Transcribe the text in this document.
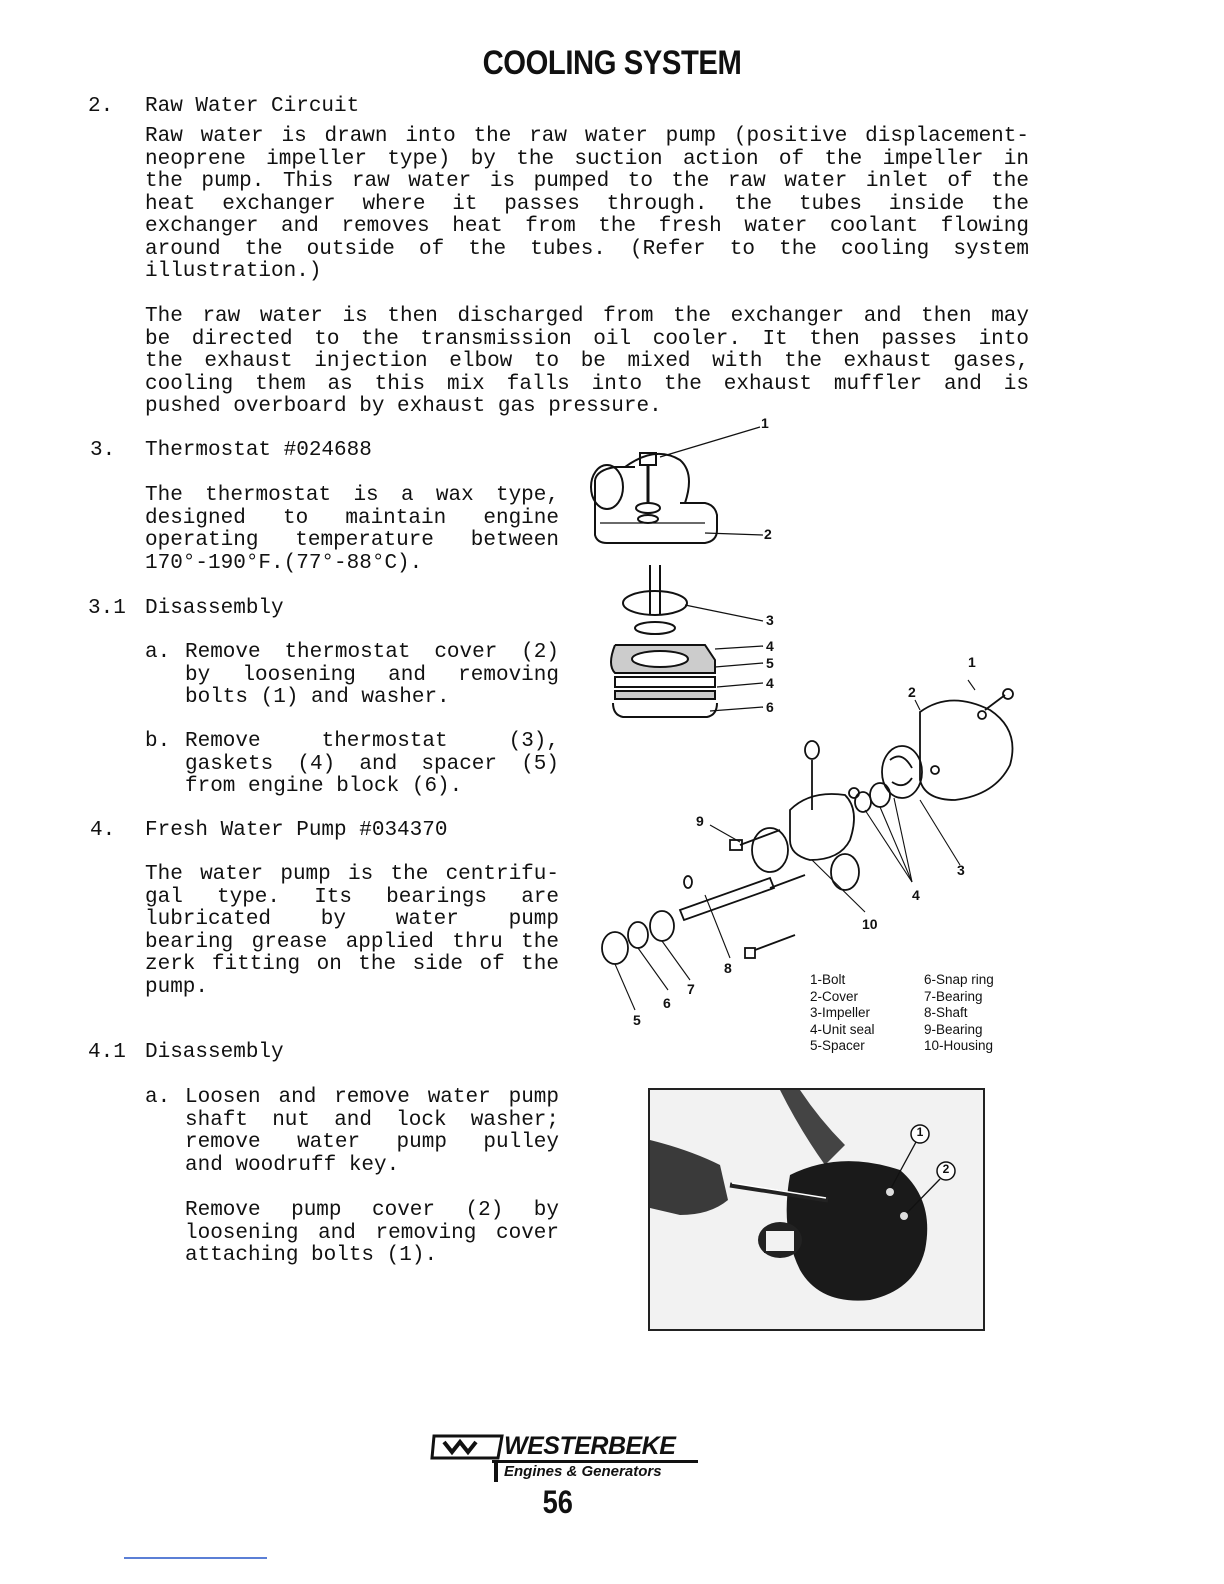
COOLING SYSTEM
2. Raw Water Circuit

Raw water is drawn into the raw water pump (positive displacement-

neoprene impeller type) by the suction action of the impeller in

the pump. This raw water is pumped to the raw water inlet of the

heat exchanger where it passes through. the tubes inside the

exchanger and removes heat from the fresh water coolant flowing

around the outside of the tubes. (Refer to the cooling system

illustration.)

The raw water is then discharged from the exchanger and then may

be directed to the transmission oil cooler. It then passes into

the exhaust injection elbow to be mixed with the exhaust gases,

cooling them as this mix falls into the exhaust muffler and is

pushed overboard by exhaust gas pressure.

3. Thermostat #024688

The thermostat is a wax type,

designed to maintain engine

operating temperature between

170°-190°F.(77°-88°C).

3.1 Disassembly
a. Remove thermostat cover (2)

by loosening and removing

bolts (1) and washer.

b. Remove thermostat (3),

gaskets (4) and spacer (5)

from engine block (6).

4. Fresh Water Pump #034370

The water pump is the centrifu-

gal type. Its bearings are

lubricated by water pump

bearing grease applied thru the

zerk fitting on the side of the

pump.

4.1 Disassembly
a. Loosen and remove water pump

shaft nut and lock washer;

remove water pump pulley

and woodruff key.

Remove pump cover (2) by

loosening and removing cover

attaching bolts (1).

1
2
3
4
5
4
6
1
2
3
4
5
6
7
8
9
10
1-Bolt
2-Cover
3-Impeller
4-Unit seal
5-Spacer
6-Snap ring
7-Bearing
8-Shaft
9-Bearing
10-Housing
1
2
WESTERBEKE
Engines & Generators
56
